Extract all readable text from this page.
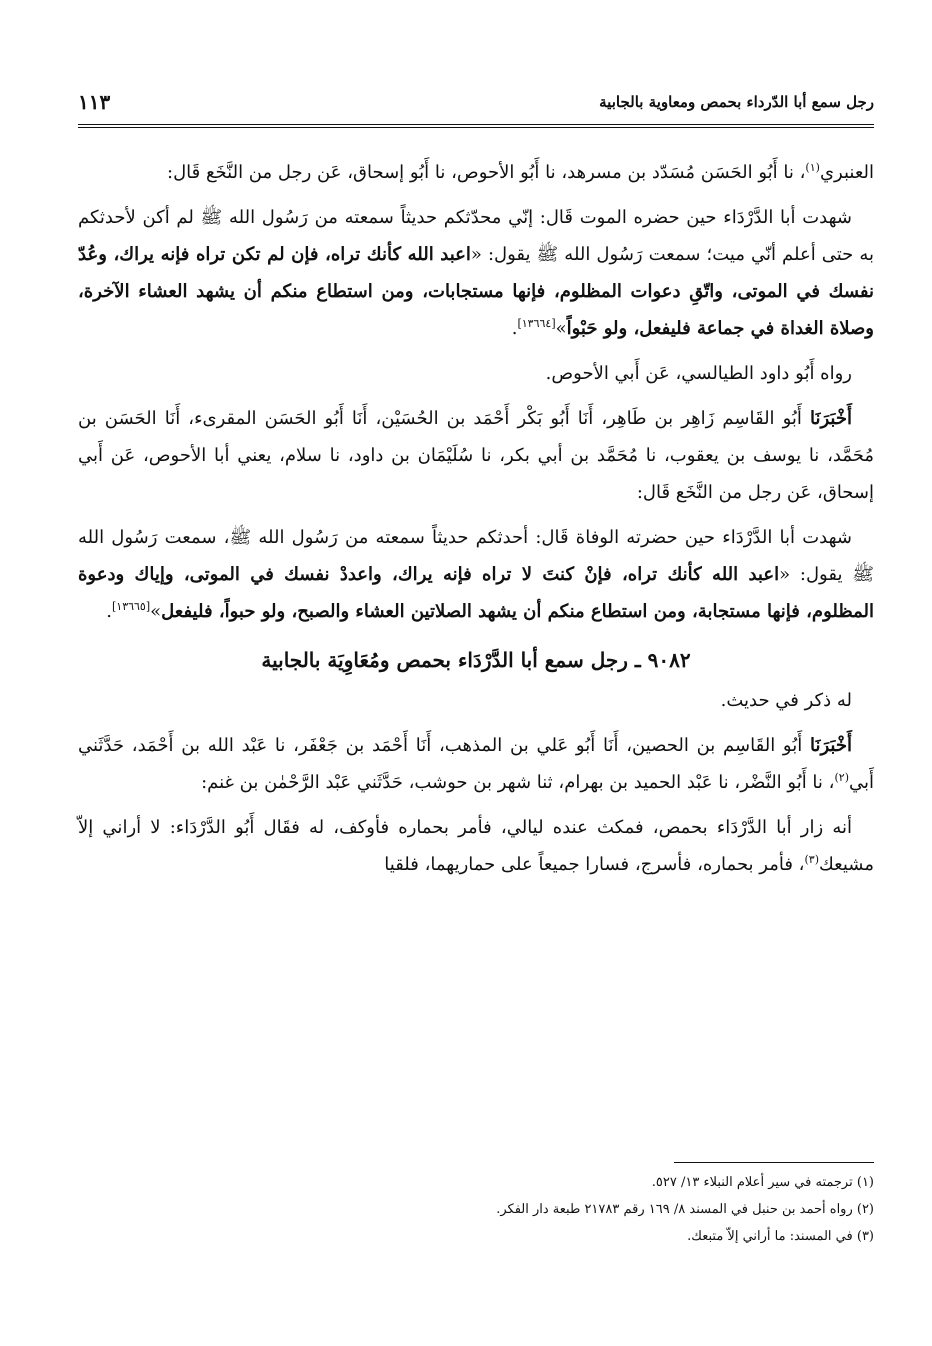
رجل سمع أبا الدّرداء بحمص ومعاوية بالجابية
١١٣

العنبري$^{(١)}$، نا أَبُو الحَسَن مُسَدّد بن مسرهد، نا أَبُو الأحوص، نا أَبُو إسحاق، عَن رجل من النَّخَع قَال:

شهدت أبا الدَّرْدَاء حين حضره الموت قَال: إنّي محدّثكم حديثاً سمعته من رَسُول الله ﷺ لم أكن لأحدثكم به حتى أعلم أنّي ميت؛ سمعت رَسُول الله ﷺ يقول: «اعبد الله كأنك تراه، فإن لم تكن تراه فإنه يراك، وعُدّ نفسك في الموتى، واتّقِ دعوات المظلوم، فإنها مستجابات، ومن استطاع منكم أن يشهد العشاء الآخرة، وصلاة الغداة في جماعة فليفعل، ولو حَبْواً»[١٣٦٦٤].

رواه أَبُو داود الطيالسي، عَن أَبي الأحوص.

أَخْبَرَنَا أَبُو القَاسِم زَاهِر بن طَاهِر، أَنَا أَبُو بَكْر أَحْمَد بن الحُسَيْن، أَنَا أَبُو الحَسَن المقرىء، أَنَا الحَسَن بن مُحَمَّد، نا يوسف بن يعقوب، نا مُحَمَّد بن أبي بكر، نا سُلَيْمَان بن داود، نا سلام، يعني أبا الأحوص، عَن أَبي إسحاق، عَن رجل من النَّخَع قَال:

شهدت أبا الدَّرْدَاء حين حضرته الوفاة قَال: أحدثكم حديثاً سمعته من رَسُول الله ﷺ، سمعت رَسُول الله ﷺ يقول: «اعبد الله كأنك تراه، فإنْ كنتَ لا تراه فإنه يراك، واعددْ نفسك في الموتى، وإياك ودعوة المظلوم، فإنها مستجابة، ومن استطاع منكم أن يشهد الصلاتين العشاء والصبح، ولو حبواً، فليفعل»[١٣٦٦٥].

٩٠٨٢ ـ رجل سمع أبا الدَّرْدَاء بحمص ومُعَاوِيَة بالجابية

له ذكر في حديث.

أَخْبَرَنَا أَبُو القَاسِم بن الحصين، أَنَا أَبُو عَلي بن المذهب، أَنَا أَحْمَد بن جَعْفَر، نا عَبْد الله بن أَحْمَد، حَدَّثَني أَبي$^{(٢)}$، نا أَبُو النَّضْر، نا عَبْد الحميد بن بهرام، ثنا شهر بن حوشب، حَدَّثَني عَبْد الرَّحْمٰن بن غنم:

أنه زار أبا الدَّرْدَاء بحمص، فمكث عنده ليالي، فأمر بحماره فأوكف، له فقَال أَبُو الدَّرْدَاء: لا أراني إلاّ مشيعك$^{(٣)}$، فأمر بحماره، فأسرج، فسارا جميعاً على حماريهما، فلقيا

(١) ترجمته في سير أعلام النبلاء ١٣/ ٥٢٧.
(٢) رواه أحمد بن حنبل في المسند ٨/ ١٦٩ رقم ٢١٧٨٣ طبعة دار الفكر.
(٣) في المسند: ما أراني إلاّ متبعك.
